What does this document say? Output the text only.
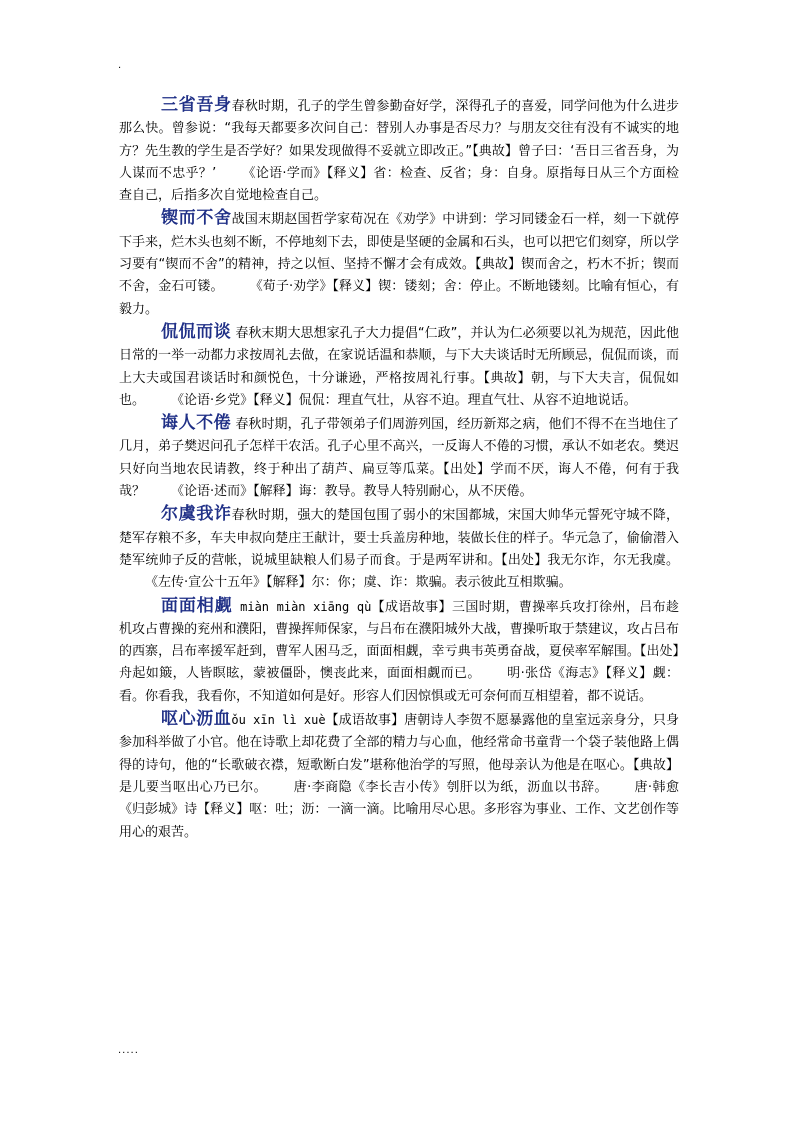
.

三省吾身春秋时期，孔子的学生曾参勤奋好学，深得孔子的喜爱，同学问他为什么进步那么快。曾参说：“我每天都要多次问自己：替别人办事是否尽力？与朋友交往有没有不诚实的地方？先生教的学生是否学好？如果发现做得不妥就立即改正。”【典故】曾子曰：‘吾日三省吾身，为人谋而不忠乎？’ 《论语·学而》【释义】省：检查、反省；身：自身。原指每日从三个方面检查自己，后指多次自觉地检查自己。

锲而不舍战国末期赵国哲学家荀况在《劝学》中讲到：学习同镂金石一样，刻一下就停下手来，烂木头也刻不断，不停地刻下去，即使是坚硬的金属和石头，也可以把它们刻穿，所以学习要有“锲而不舍”的精神，持之以恒、坚持不懈才会有成效。【典故】锲而舍之，朽木不折；锲而不舍，金石可镂。 《荀子·劝学》【释义】锲：镂刻；舍：停止。不断地镂刻。比喻有恒心，有毅力。

侃侃而谈 春秋末期大思想家孔子大力提倡“仁政”，并认为仁必须要以礼为规范，因此他日常的一举一动都力求按周礼去做，在家说话温和恭顺，与下大夫谈话时无所顾忌，侃侃而谈，而上大夫或国君谈话时和颜悦色，十分谦逊，严格按周礼行事。【典故】朝，与下大夫言，侃侃如也。 《论语·乡党》【释义】侃侃：理直气壮，从容不迫。理直气壮、从容不迫地说话。

诲人不倦 春秋时期，孔子带领弟子们周游列国，经历新郑之病，他们不得不在当地住了几月，弟子樊迟问孔子怎样干农活。孔子心里不高兴，一反诲人不倦的习惯，承认不如老农。樊迟只好向当地农民请教，终于种出了葫芦、扁豆等瓜菜。【出处】学而不厌，诲人不倦，何有于我哉？ 《论语·述而》【解释】诲：教导。教导人特别耐心，从不厌倦。

尔虞我诈春秋时期，强大的楚国包围了弱小的宋国都城，宋国大帅华元誓死守城不降，楚军存粮不多，车夫申叔向楚庄王献计，要士兵盖房种地，装做长住的样子。华元急了，偷偷潜入楚军统帅子反的营帐，说城里缺粮人们易子而食。于是两军讲和。【出处】我无尔诈，尔无我虞。《左传·宣公十五年》【解释】尔：你；虞、诈：欺骗。表示彼此互相欺骗。

面面相觑 miàn miàn xiāng qù【成语故事】三国时期，曹操率兵攻打徐州，吕布趁机攻占曹操的兖州和濮阳，曹操挥师保家，与吕布在濮阳城外大战，曹操听取于禁建议，攻占吕布的西寨，吕布率援军赶到，曹军人困马乏，面面相觑，幸亏典韦英勇奋战，夏侯率军解围。【出处】舟起如簸，人皆瞑眩，蒙被僵卧，懊丧此来，面面相觑而已。 明·张岱《海志》【释义】觑：看。你看我，我看你，不知道如何是好。形容人们因惊惧或无可奈何而互相望着，都不说话。

呕心沥血ǒu xīn lì xuè【成语故事】唐朝诗人李贺不愿暴露他的皇室远亲身分，只身参加科举做了小官。他在诗歌上却花费了全部的精力与心血，他经常命书童背一个袋子装他路上偶得的诗句，他的“长歌破衣襟，短歌断白发”堪称他治学的写照，他母亲认为他是在呕心。【典故】是儿要当呕出心乃已尔。 唐·李商隐《李长吉小传》刳肝以为纸，沥血以书辞。 唐·韩愈《归彭城》诗【释义】呕：吐；沥：一滴一滴。比喻用尽心思。多形容为事业、工作、文艺创作等用心的艰苦。

.....
